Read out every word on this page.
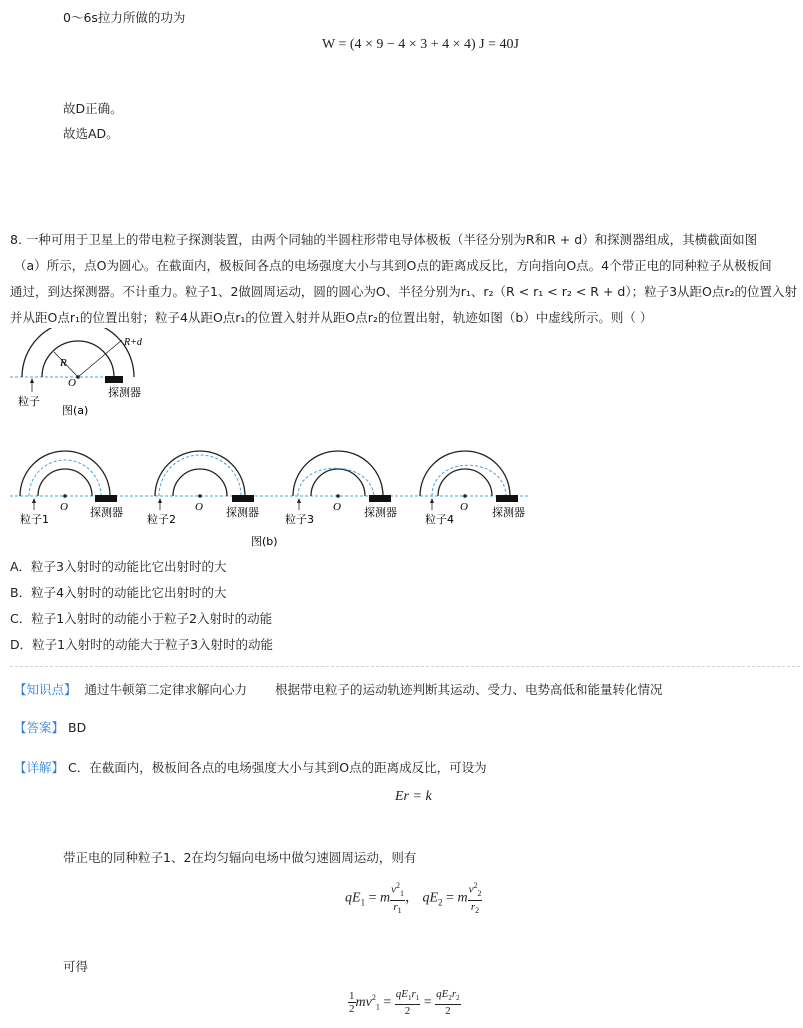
0～6s拉力所做的功为
W = (4 × 9 − 4 × 3 + 4 × 4) J = 40J
故D正确。
故选AD。
8. 一种可用于卫星上的带电粒子探测装置，由两个同轴的半圆柱形带电导体极板（半径分别为R和R + d）和探测器组成，其横截面如图
（a）所示，点O为圆心。在截面内，极板间各点的电场强度大小与其到O点的距离成反比，方向指向O点。4个带正电的同种粒子从极板间
通过，到达探测器。不计重力。粒子1、2做圆周运动，圆的圆心为O、半径分别为r₁、r₂（R < r₁ < r₂ < R + d）；粒子3从距O点r₂的位置入射
并从距O点r₁的位置出射；粒子4从距O点r₁的位置入射并从距O点r₂的位置出射，轨迹如图（b）中虚线所示。则（ ）
R
R+d
O
粒子
探测器
图(a)
O
粒子1
探测器	O
粒子2
探测器	O
粒子3
探测器	O
粒子4
探测器
图(b)
A．粒子3入射时的动能比它出射时的大
B．粒子4入射时的动能比它出射时的大
C．粒子1入射时的动能小于粒子2入射时的动能
D．粒子1入射时的动能大于粒子3入射时的动能
【知识点】 通过牛顿第二定律求解向心力 根据带电粒子的运动轨迹判断其运动、受力、电势高低和能量转化情况
【答案】 BD
【详解】 C．在截面内，极板间各点的电场强度大小与其到O点的距离成反比，可设为
Er = k
带正电的同种粒子1、2在均匀辐向电场中做匀速圆周运动，则有
$qE_1 = m \frac{v^2_1}{r_1}$ ， $qE_2 = m \frac{v^2_2}{r_2}$
可得
$\frac{1}{2} mv^2_1 = \frac{qE_1r_1}{2} = \frac{qE_2r_2}{2}$
